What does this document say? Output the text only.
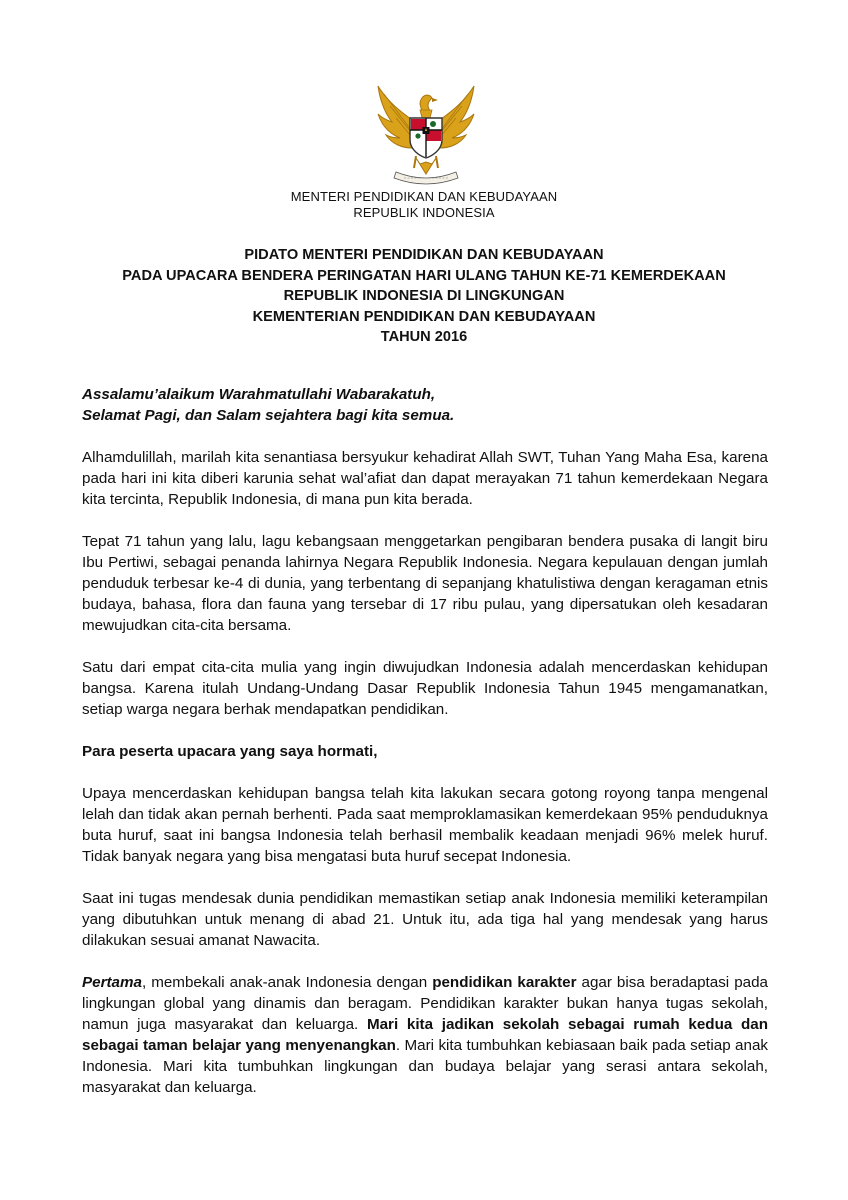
MENTERI PENDIDIKAN DAN KEBUDAYAAN
REPUBLIK INDONESIA
PIDATO MENTERI PENDIDIKAN DAN KEBUDAYAAN
PADA UPACARA BENDERA PERINGATAN HARI ULANG TAHUN KE-71 KEMERDEKAAN
REPUBLIK INDONESIA DI LINGKUNGAN
KEMENTERIAN PENDIDIKAN DAN KEBUDAYAAN
TAHUN 2016

Assalamu’alaikum Warahmatullahi Wabarakatuh,
Selamat Pagi, dan Salam sejahtera bagi kita semua.

Alhamdulillah, marilah kita senantiasa bersyukur kehadirat Allah SWT, Tuhan Yang Maha Esa, karena pada hari ini kita diberi karunia sehat wal’afiat dan dapat merayakan 71 tahun kemerdekaan Negara kita tercinta, Republik Indonesia, di mana pun kita berada.

Tepat 71 tahun yang lalu, lagu kebangsaan menggetarkan pengibaran bendera pusaka di langit biru Ibu Pertiwi, sebagai penanda lahirnya Negara Republik Indonesia. Negara kepulauan dengan jumlah penduduk terbesar ke-4 di dunia, yang terbentang di sepanjang khatulistiwa dengan keragaman etnis budaya, bahasa, flora dan fauna yang tersebar di 17 ribu pulau, yang dipersatukan oleh kesadaran mewujudkan cita-cita bersama.

Satu dari empat cita-cita mulia yang ingin diwujudkan Indonesia adalah mencerdaskan kehidupan bangsa. Karena itulah Undang-Undang Dasar Republik Indonesia Tahun 1945 mengamanatkan, setiap warga negara berhak mendapatkan pendidikan.

Para peserta upacara yang saya hormati,

Upaya mencerdaskan kehidupan bangsa telah kita lakukan secara gotong royong tanpa mengenal lelah dan tidak akan pernah berhenti. Pada saat memproklamasikan kemerdekaan 95% penduduknya buta huruf, saat ini bangsa Indonesia telah berhasil membalik keadaan menjadi 96% melek huruf. Tidak banyak negara yang bisa mengatasi buta huruf secepat Indonesia.

Saat ini tugas mendesak dunia pendidikan memastikan setiap anak Indonesia memiliki keterampilan yang dibutuhkan untuk menang di abad 21. Untuk itu, ada tiga hal yang mendesak yang harus dilakukan sesuai amanat Nawacita.

Pertama, membekali anak-anak Indonesia dengan pendidikan karakter agar bisa beradaptasi pada lingkungan global yang dinamis dan beragam. Pendidikan karakter bukan hanya tugas sekolah, namun juga masyarakat dan keluarga. Mari kita jadikan sekolah sebagai rumah kedua dan sebagai taman belajar yang menyenangkan. Mari kita tumbuhkan kebiasaan baik pada setiap anak Indonesia. Mari kita tumbuhkan lingkungan dan budaya belajar yang serasi antara sekolah, masyarakat dan keluarga.
